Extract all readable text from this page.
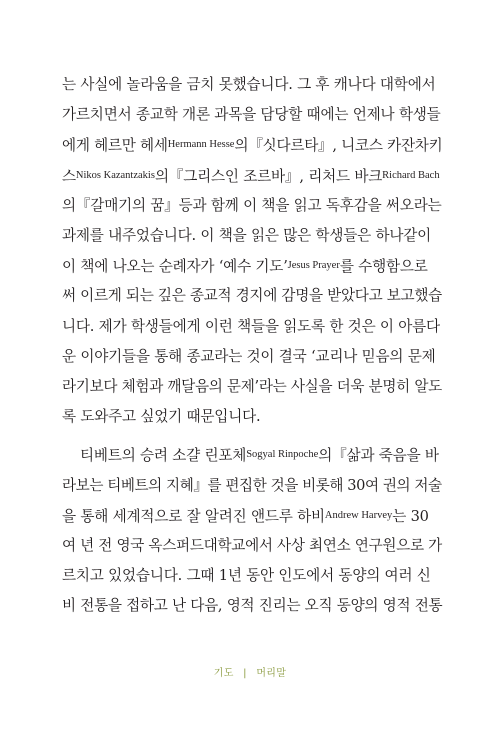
는 사실에 놀라움을 금치 못했습니다. 그 후 캐나다 대학에서
가르치면서 종교학 개론 과목을 담당할 때에는 언제나 학생들
에게 헤르만 헤세$^{Hermann Hesse}$의『싯다르타』, 니코스 카잔차키
스$^{Nikos Kazantzakis}$의『그리스인 조르바』, 리처드 바크$^{Richard Bach}$
의『갈매기의 꿈』등과 함께 이 책을 읽고 독후감을 써오라는
과제를 내주었습니다. 이 책을 읽은 많은 학생들은 하나같이
이 책에 나오는 순례자가 ‘예수 기도’$^{Jesus Prayer}$를 수행함으로
써 이르게 되는 깊은 종교적 경지에 감명을 받았다고 보고했습
니다. 제가 학생들에게 이런 책들을 읽도록 한 것은 이 아름다
운 이야기들을 통해 종교라는 것이 결국 ‘교리나 믿음의 문제
라기보다 체험과 깨달음의 문제’라는 사실을 더욱 분명히 알도
록 도와주고 싶었기 때문입니다.
티베트의 승려 소걀 린포체$^{Sogyal Rinpoche}$의『삶과 죽음을 바
라보는 티베트의 지혜』를 편집한 것을 비롯해 30여 권의 저술
을 통해 세계적으로 잘 알려진 앤드루 하비$^{Andrew Harvey}$는 30
여 년 전 영국 옥스퍼드대학교에서 사상 최연소 연구원으로 가
르치고 있었습니다. 그때 1년 동안 인도에서 동양의 여러 신
비 전통을 접하고 난 다음, 영적 진리는 오직 동양의 영적 전통
기도 | 머리말
